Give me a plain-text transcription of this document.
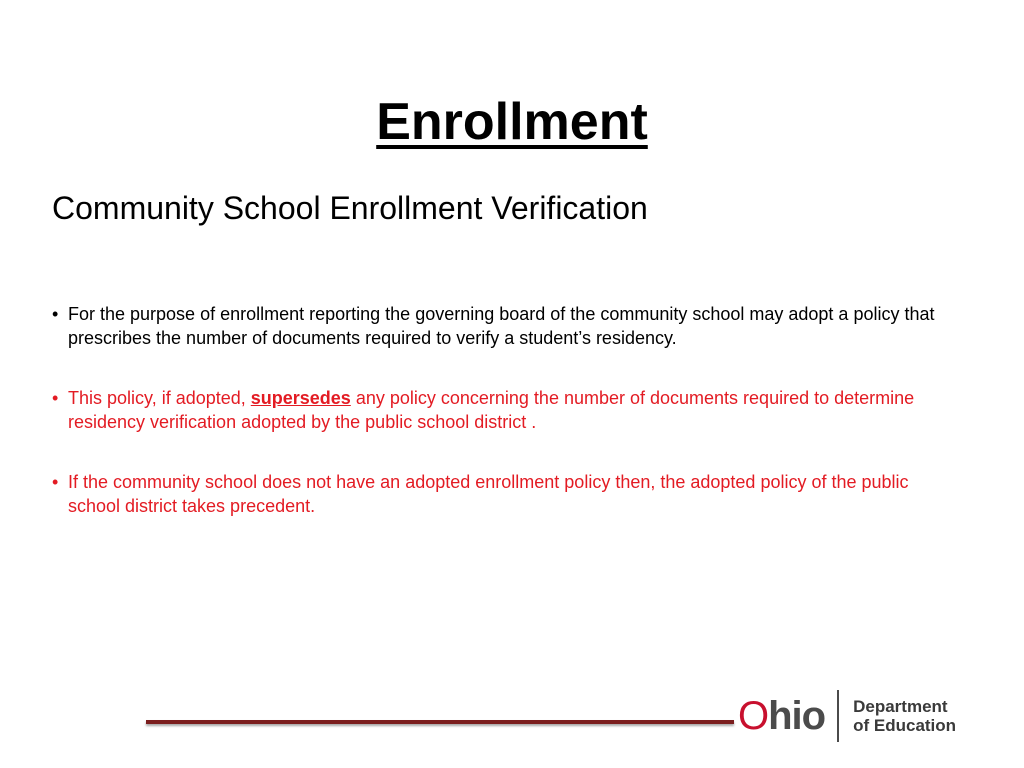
Enrollment
Community School Enrollment Verification
• For the purpose of enrollment reporting the governing board of the community school may adopt a policy that prescribes the number of documents required to verify a student’s residency.
• This policy, if adopted, supersedes any policy concerning the number of documents required to determine residency verification adopted by the public school district .
• If the community school does not have an adopted enrollment policy then, the adopted policy of the public school district takes precedent.
Ohio Department
of Education
